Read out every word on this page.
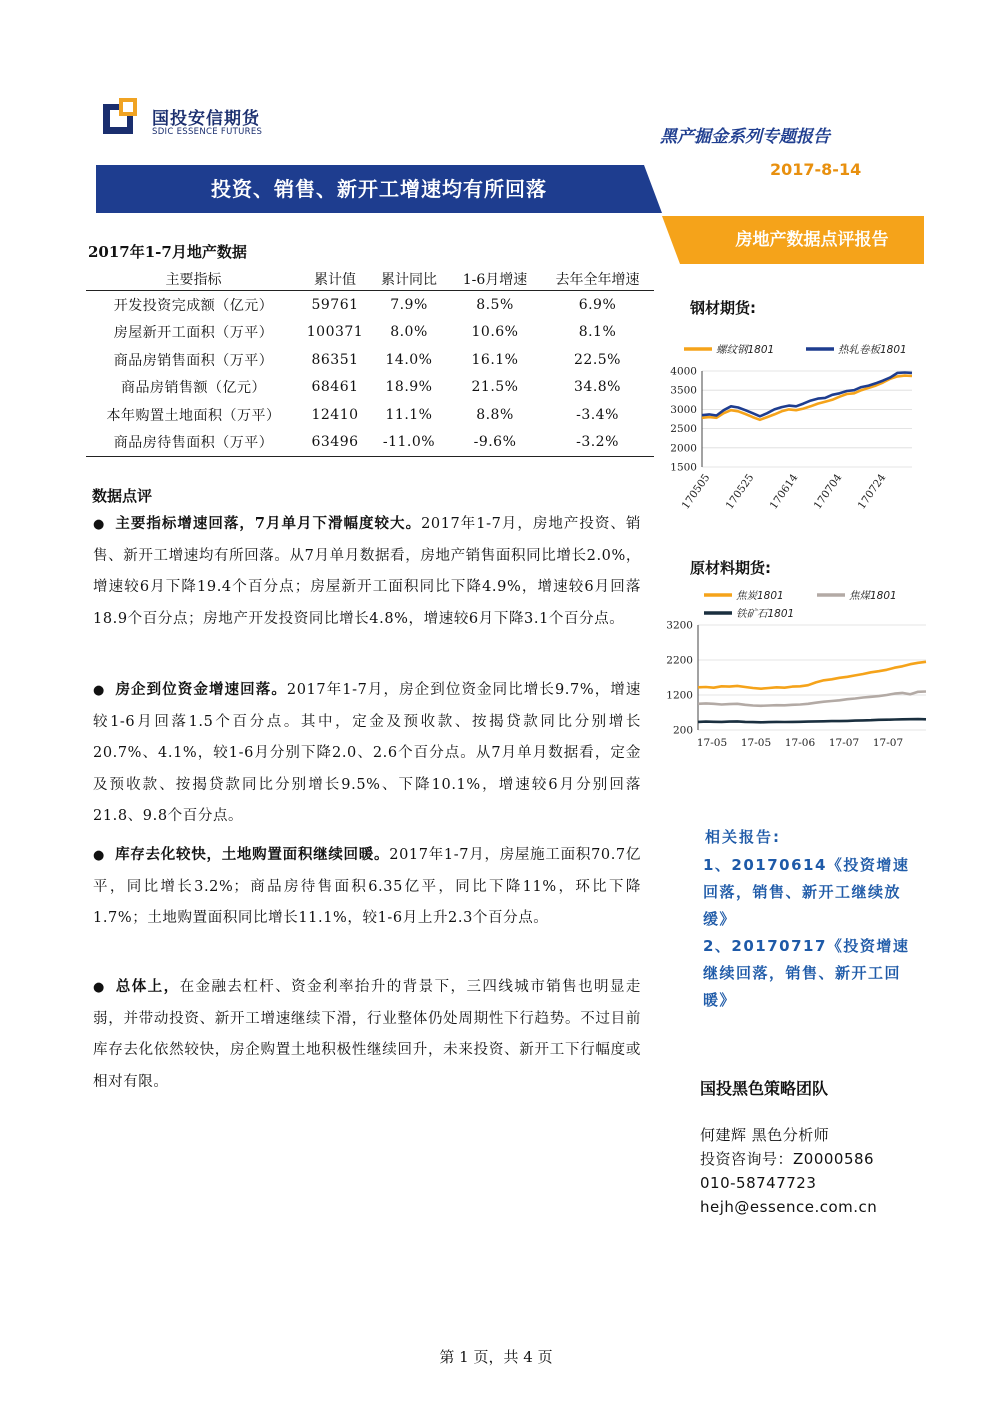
国投安信期货
SDIC ESSENCE FUTURES	黑产掘金系列专题报告
2017-8-14
投资、销售、新开工增速均有所回落
房地产数据点评报告
2017年1-7月地产数据
主要指标	累计值	累计同比	1-6月增速	去年全年增速
开发投资完成额（亿元）	59761	7.9%	8.5%	6.9%
房屋新开工面积（万平）	100371	8.0%	10.6%	8.1%
商品房销售面积（万平）	86351	14.0%	16.1%	22.5%
商品房销售额（亿元）	68461	18.9%	21.5%	34.8%
本年购置土地面积（万平）	12410	11.1%	8.8%	-3.4%
商品房待售面积（万平）	63496	-11.0%	-9.6%	-3.2%
数据点评
● 主要指标增速回落，7月单月下滑幅度较大。2017年1-7月，房地产投资、销售、新开工增速均有所回落。从7月单月数据看，房地产销售面积同比增长2.0%，增速较6月下降19.4个百分点；房屋新开工面积同比下降4.9%，增速较6月回落18.9个百分点；房地产开发投资同比增长4.8%，增速较6月下降3.1个百分点。
● 房企到位资金增速回落。2017年1-7月，房企到位资金同比增长9.7%，增速较1-6月回落1.5个百分点。其中，定金及预收款、按揭贷款同比分别增长20.7%、4.1%，较1-6月分别下降2.0、2.6个百分点。从7月单月数据看，定金及预收款、按揭贷款同比分别增长9.5%、下降10.1%，增速较6月分别回落21.8、9.8个百分点。
● 库存去化较快，土地购置面积继续回暖。2017年1-7月，房屋施工面积70.7亿平，同比增长3.2%；商品房待售面积6.35亿平，同比下降11%，环比下降1.7%；土地购置面积同比增长11.1%，较1-6月上升2.3个百分点。
● 总体上，在金融去杠杆、资金利率抬升的背景下，三四线城市销售也明显走弱，并带动投资、新开工增速继续下滑，行业整体仍处周期性下行趋势。不过目前库存去化依然较快，房企购置土地积极性继续回升，未来投资、新开工下行幅度或相对有限。
钢材期货:
1500
2000
2500
3000
3500
4000
170505 170525 170614 170704 170724
螺纹钢1801	热轧卷板1801
原材料期货:
200
1200
2200
3200
17-05 17-05 17-06 17-07 17-07
焦炭1801	焦煤1801
铁矿石1801
相关报告:
1、20170614《投资增速回落，销售、新开工继续放缓》
2、20170717《投资增速继续回落，销售、新开工回暖》
国投黑色策略团队
何建辉 黑色分析师
投资咨询号：Z0000586
010-58747723
hejh@essence.com.cn
第 1 页，共 4 页
